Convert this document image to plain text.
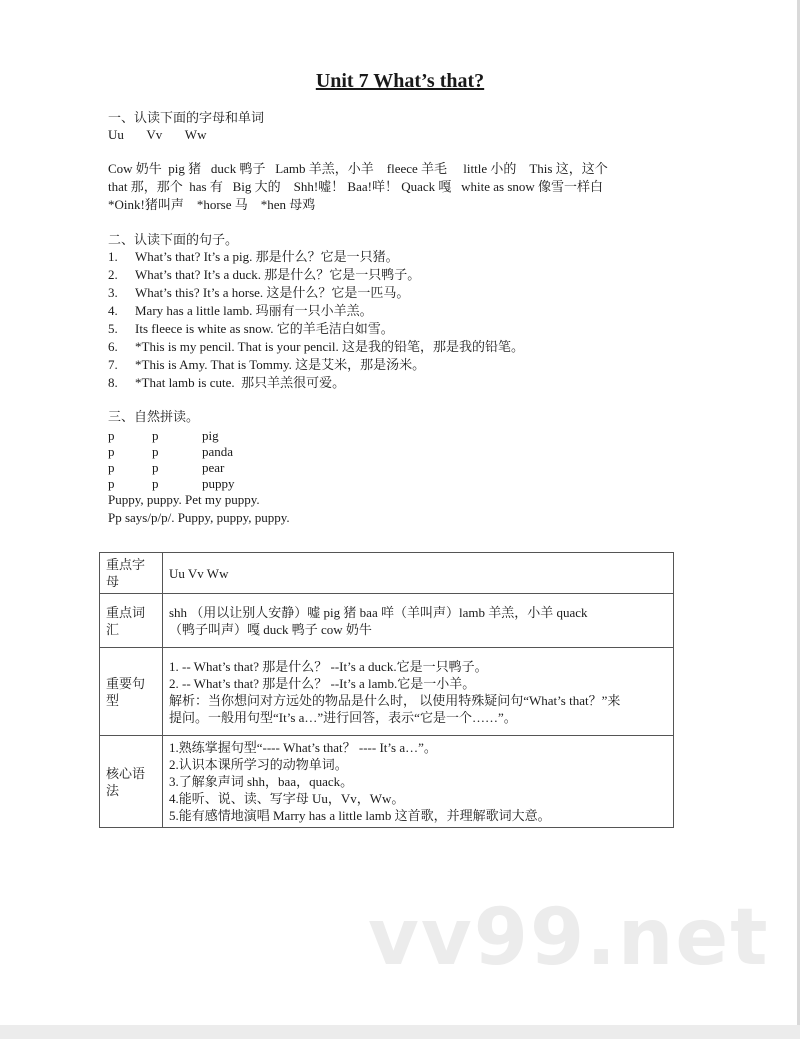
Unit 7 What’s that?
一、认读下面的字母和单词
Uu       Vv       Ww
Cow 奶牛  pig 猪   duck 鸭子   Lamb 羊羔，小羊    fleece 羊毛     little 小的    This 这，这个
that 那，那个  has 有   Big 大的    Shh!嘘！ Baa!咩！ Quack 嘎   white as snow 像雪一样白
*Oink!猪叫声    *horse 马    *hen 母鸡
二、认读下面的句子。
1. What’s that? It’s a pig. 那是什么？它是一只猪。
2. What’s that? It’s a duck. 那是什么？它是一只鸭子。
3. What’s this? It’s a horse. 这是什么？它是一匹马。
4. Mary has a little lamb. 玛丽有一只小羊羔。
5. Its fleece is white as snow. 它的羊毛洁白如雪。
6. *This is my pencil. That is your pencil. 这是我的铅笔，那是我的铅笔。
7. *This is Amy. That is Tommy. 这是艾米，那是汤米。
8. *That lamb is cute.  那只羊羔很可爱。
三、自然拼读。
p	p	pig
p	p	panda
p	p	pear
p	p	puppy
Puppy, puppy. Pet my puppy.
Pp says/p/p/. Puppy, puppy, puppy.
重点字母	Uu Vv Ww

重点词汇	shh （用以让别人安静）嘘 pig 猪 baa 咩（羊叫声）lamb 羊羔，小羊 quack
（鸭子叫声）嘎 duck 鸭子 cow 奶牛

重要句型	1. -- What’s that? 那是什么？ --It’s a duck.它是一只鸭子。
2. -- What’s that? 那是什么？ --It’s a lamb.它是一小羊。
解析：当你想问对方远处的物品是什么时， 以使用特殊疑问句“What’s that？”来
提问。一般用句型“It’s a…”进行回答，表示“它是一个……”。

核心语法	1.熟练掌握句型“---- What’s that？ ---- It’s a…”。
2.认识本课所学习的动物单词。
3.了解象声词 shh，baa，quack。
4.能听、说、读、写字母 Uu，Vv，Ww。
5.能有感情地演唱 Marry has a little lamb 这首歌，并理解歌词大意。
vv99.net
